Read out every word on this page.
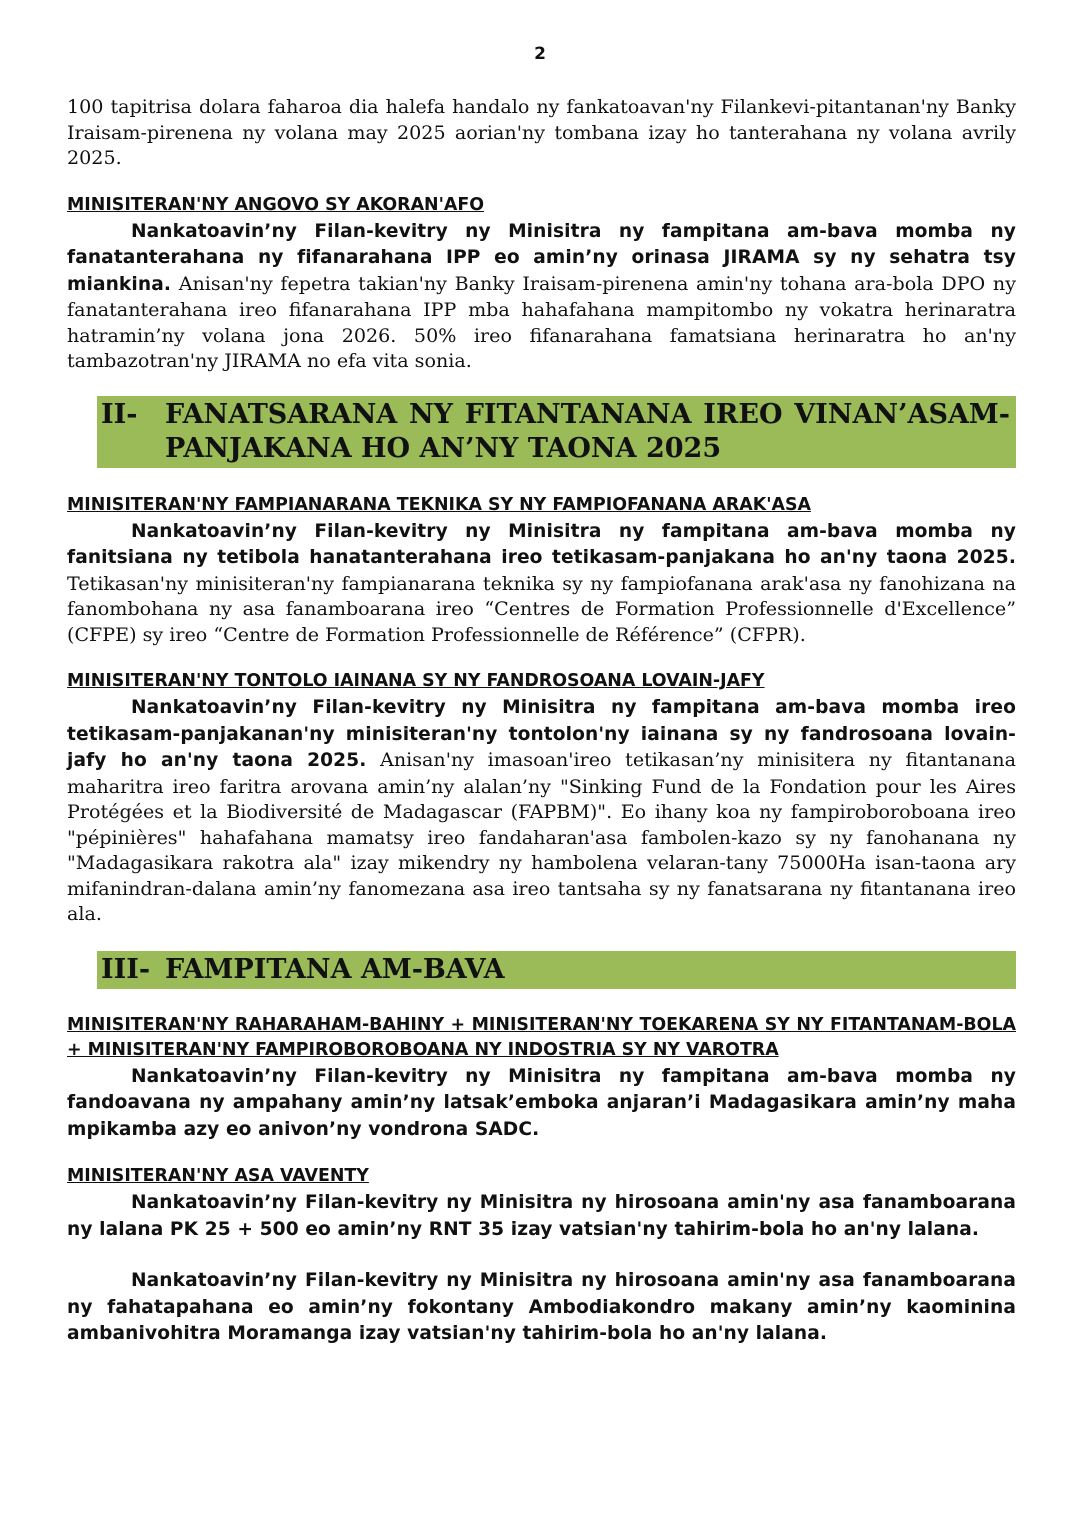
2

100 tapitrisa dolara faharoa dia halefa handalo ny fankatoavan'ny Filankevi-pitantanan'ny Banky Iraisam-pirenena ny volana may 2025 aorian'ny tombana izay ho tanterahana ny volana avrily 2025.

MINISITERAN'NY ANGOVO SY AKORAN'AFO

Nankatoavin’ny Filan-kevitry ny Minisitra ny fampitana am-bava momba ny fanatanterahana ny fifanarahana IPP eo amin’ny orinasa JIRAMA sy ny sehatra tsy miankina. Anisan'ny fepetra takian'ny Banky Iraisam-pirenena amin'ny tohana ara-bola DPO ny fanatanterahana ireo fifanarahana IPP mba hahafahana mampitombo ny vokatra herinaratra hatramin’ny volana jona 2026. 50% ireo fifanarahana famatsiana herinaratra ho an'ny tambazotran'ny JIRAMA no efa vita sonia.

II-	FANATSARANA NY FITANTANANA IREO VINAN’ASAM-PANJAKANA HO AN’NY TAONA 2025
MINISITERAN'NY FAMPIANARANA TEKNIKA SY NY FAMPIOFANANA ARAK'ASA

Nankatoavin’ny Filan-kevitry ny Minisitra ny fampitana am-bava momba ny fanitsiana ny tetibola hanatanterahana ireo tetikasam-panjakana ho an'ny taona 2025. Tetikasan'ny minisiteran'ny fampianarana teknika sy ny fampiofanana arak'asa ny fanohizana na fanombohana ny asa fanamboarana ireo “Centres de Formation Professionnelle d'Excellence” (CFPE) sy ireo “Centre de Formation Professionnelle de Référence” (CFPR).

MINISITERAN'NY TONTOLO IAINANA SY NY FANDROSOANA LOVAIN-JAFY

Nankatoavin’ny Filan-kevitry ny Minisitra ny fampitana am-bava momba ireo tetikasam-panjakanan'ny minisiteran'ny tontolon'ny iainana sy ny fandrosoana lovain-jafy ho an'ny taona 2025. Anisan'ny imasoan'ireo tetikasan’ny minisitera ny fitantanana maharitra ireo faritra arovana amin’ny alalan’ny "Sinking Fund de la Fondation pour les Aires Protégées et la Biodiversité de Madagascar (FAPBM)". Eo ihany koa ny fampiroboroboana ireo "pépinières" hahafahana mamatsy ireo fandaharan'asa fambolen-kazo sy ny fanohanana ny "Madagasikara rakotra ala" izay mikendry ny hambolena velaran-tany 75000Ha isan-taona ary mifanindran-dalana amin’ny fanomezana asa ireo tantsaha sy ny fanatsarana ny fitantanana ireo ala.

III- FAMPITANA AM-BAVA
MINISITERAN'NY RAHARAHAM-BAHINY + MINISITERAN'NY TOEKARENA SY NY FITANTANAM-BOLA + MINISITERAN'NY FAMPIROBOROBOANA NY INDOSTRIA SY NY VAROTRA

Nankatoavin’ny Filan-kevitry ny Minisitra ny fampitana am-bava momba ny fandoavana ny ampahany amin’ny latsak’emboka anjaran’i Madagasikara amin’ny maha mpikamba azy eo anivon’ny vondrona SADC.

MINISITERAN'NY ASA VAVENTY

Nankatoavin’ny Filan-kevitry ny Minisitra ny hirosoana amin'ny asa fanamboarana ny lalana PK 25 + 500 eo amin’ny RNT 35 izay vatsian'ny tahirim-bola ho an'ny lalana.

Nankatoavin’ny Filan-kevitry ny Minisitra ny hirosoana amin'ny asa fanamboarana ny fahatapahana eo amin’ny fokontany Ambodiakondro makany amin’ny kaominina ambanivohitra Moramanga izay vatsian'ny tahirim-bola ho an'ny lalana.
